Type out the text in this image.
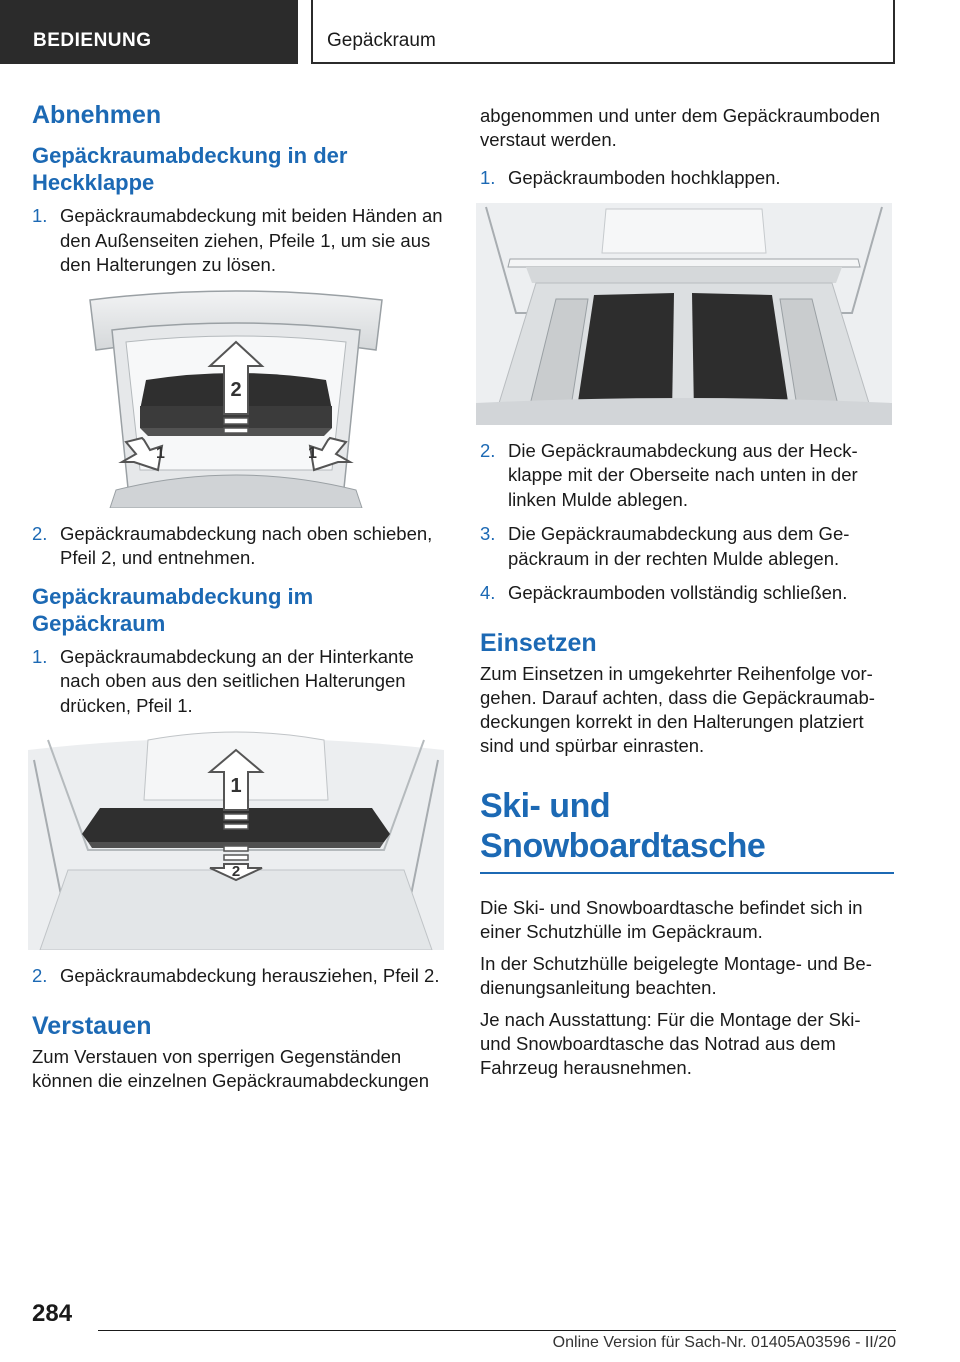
BEDIENUNG	Gepäckraum
Abnehmen
Gepäckraumabdeckung in der Heckklappe
1. Gepäckraumabdeckung mit beiden Händen an den Außenseiten ziehen, Pfeile 1, um sie aus den Halterungen zu lösen.
2
1	1
2. Gepäckraumabdeckung nach oben schieben, Pfeil 2, und entnehmen.
Gepäckraumabdeckung im Gepäckraum
1. Gepäckraumabdeckung an der Hinterkante nach oben aus den seitlichen Halterungen drücken, Pfeil 1.
1
2
2. Gepäckraumabdeckung herausziehen, Pfeil 2.
Verstauen

Zum Verstauen von sperrigen Gegenständen können die einzelnen Gepäckraumabdeckungen

abgenommen und unter dem Gepäckraumboden verstaut werden.

1. Gepäckraumboden hochklappen.
2. Die Gepäckraumabdeckung aus der Heckklappe mit der Oberseite nach unten in der linken Mulde ablegen.
3. Die Gepäckraumabdeckung aus dem Gepäckraum in der rechten Mulde ablegen.
4. Gepäckraumboden vollständig schließen.
Einsetzen

Zum Einsetzen in umgekehrter Reihenfolge vorgehen. Darauf achten, dass die Gepäckraumabdeckungen korrekt in den Halterungen platziert sind und spürbar einrasten.

Ski- und Snowboardtasche

Die Ski- und Snowboardtasche befindet sich in einer Schutzhülle im Gepäckraum.

In der Schutzhülle beigelegte Montage- und Bedienungsanleitung beachten.

Je nach Ausstattung: Für die Montage der Ski- und Snowboardtasche das Notrad aus dem Fahrzeug herausnehmen.

284
Online Version für Sach-Nr. 01405A03596 - II/20
